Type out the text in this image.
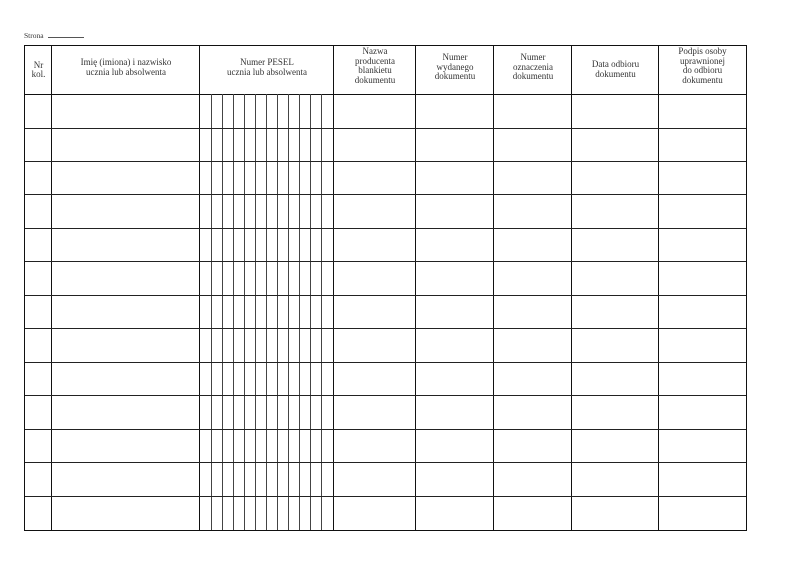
Strona
Nr
kol.
Imię (imiona) i nazwisko
ucznia lub absolwenta
Numer PESEL
ucznia lub absolwenta
Nazwa
producenta
blankietu
dokumentu
Numer
wydanego
dokumentu
Numer
oznaczenia
dokumentu
Data odbioru
dokumentu
Podpis osoby
uprawnionej
do odbioru
dokumentu
